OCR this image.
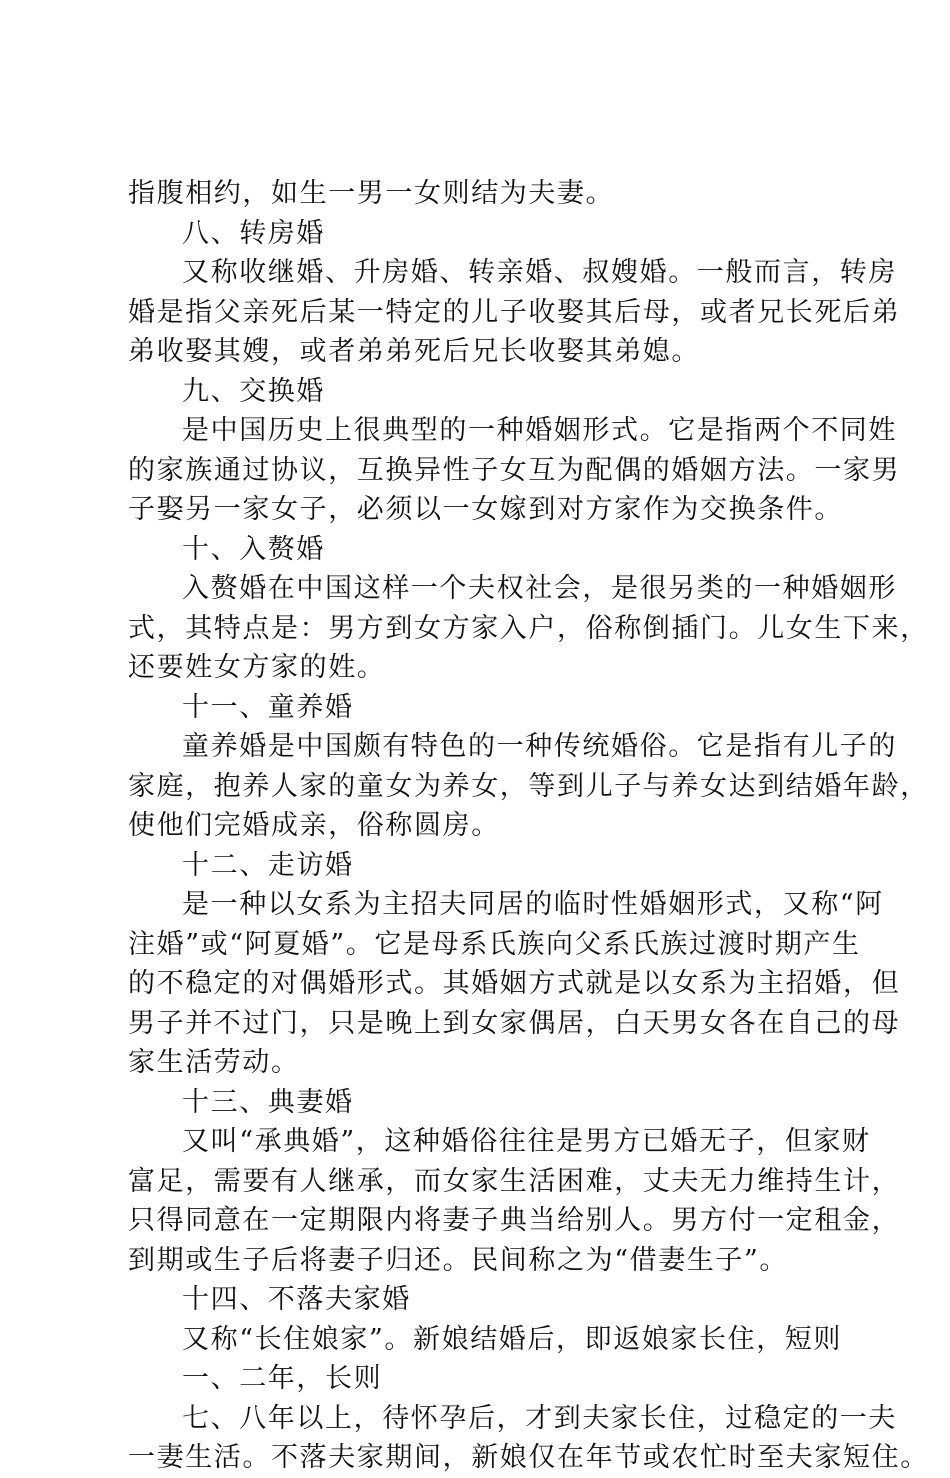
指腹相约，如生一男一女则结为夫妻。
八、转房婚
又称收继婚、升房婚、转亲婚、叔嫂婚。一般而言，转房
婚是指父亲死后某一特定的儿子收娶其后母，或者兄长死后弟
弟收娶其嫂，或者弟弟死后兄长收娶其弟媳。
九、交换婚
是中国历史上很典型的一种婚姻形式。它是指两个不同姓
的家族通过协议，互换异性子女互为配偶的婚姻方法。一家男
子娶另一家女子，必须以一女嫁到对方家作为交换条件。
十、入赘婚
入赘婚在中国这样一个夫权社会，是很另类的一种婚姻形
式，其特点是：男方到女方家入户，俗称倒插门。儿女生下来，
还要姓女方家的姓。
十一、童养婚
童养婚是中国颇有特色的一种传统婚俗。它是指有儿子的
家庭，抱养人家的童女为养女，等到儿子与养女达到结婚年龄，
使他们完婚成亲，俗称圆房。
十二、走访婚
是一种以女系为主招夫同居的临时性婚姻形式，又称“阿
注婚”或“阿夏婚”。它是母系氏族向父系氏族过渡时期产生
的不稳定的对偶婚形式。其婚姻方式就是以女系为主招婚，但
男子并不过门，只是晚上到女家偶居，白天男女各在自己的母
家生活劳动。
十三、典妻婚
又叫“承典婚”，这种婚俗往往是男方已婚无子，但家财
富足，需要有人继承，而女家生活困难，丈夫无力维持生计，
只得同意在一定期限内将妻子典当给别人。男方付一定租金，
到期或生子后将妻子归还。民间称之为“借妻生子”。
十四、不落夫家婚
又称“长住娘家”。新娘结婚后，即返娘家长住，短则
一、二年，长则
七、八年以上，待怀孕后，才到夫家长住，过稳定的一夫
一妻生活。不落夫家期间，新娘仅在年节或农忙时至夫家短住。
